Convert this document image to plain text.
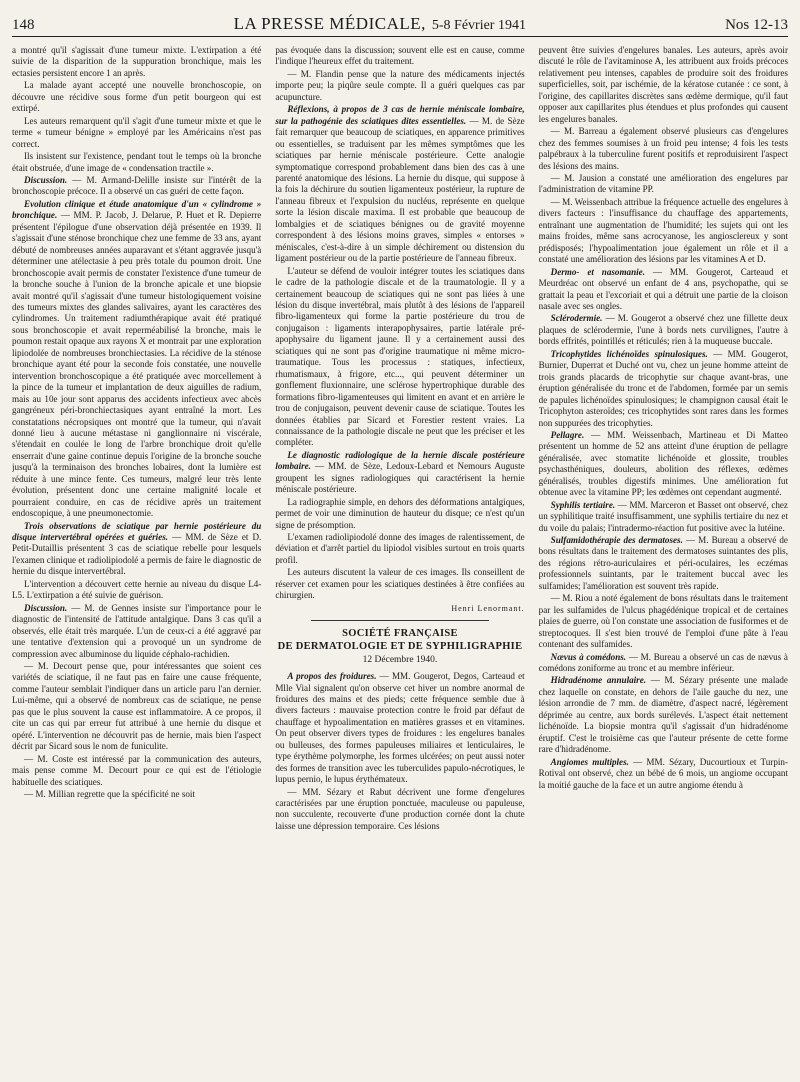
148	LA PRESSE MÉDICALE, 5-8 Février 1941	Nos 12-13

a montré qu'il s'agissait d'une tumeur mixte. L'extirpation a été suivie de la disparition de la suppuration bronchique, mais les ectasies persistent encore 1 an après.

La malade ayant accepté une nouvelle bronchoscopie, on découvre une récidive sous forme d'un petit bourgeon qui est extirpé.

Les auteurs remarquent qu'il s'agit d'une tumeur mixte et que le terme « tumeur bénigne » employé par les Américains n'est pas correct.

Ils insistent sur l'existence, pendant tout le temps où la bronche était obstruée, d'une image de « condensation tractile ».

Discussion. — M. Armand-Delille insiste sur l'intérêt de la bronchoscopie précoce. Il a observé un cas guéri de cette façon.

Evolution clinique et étude anatomique d'un « cylindrome » bronchique. — MM. P. Jacob, J. Delarue, P. Huet et R. Depierre présentent l'épilogue d'une observation déjà présentée en 1939. Il s'agissait d'une sténose bronchique chez une femme de 33 ans, ayant débuté de nombreuses années auparavant et s'étant aggravée jusqu'à déterminer une atélectasie à peu près totale du poumon droit. Une bronchoscopie avait permis de constater l'existence d'une tumeur de la bronche souche à l'union de la bronche apicale et une biopsie avait montré qu'il s'agissait d'une tumeur histologiquement voisine des tumeurs mixtes des glandes salivaires, ayant les caractères des cylindromes. Un traitement radiumthérapique avait été pratiqué sous bronchoscopie et avait reperméabilisé la bronche, mais le poumon restait opaque aux rayons X et montrait par une exploration lipiodolée de nombreuses bronchiectasies. La récidive de la sténose bronchique ayant été pour la seconde fois constatée, une nouvelle intervention bronchoscopique a été pratiquée avec morcellement à la pince de la tumeur et implantation de deux aiguilles de radium, mais au 10e jour sont apparus des accidents infectieux avec abcès gangréneux péri-bronchiectasiques ayant entraîné la mort. Les constatations nécropsiques ont montré que la tumeur, qui n'avait donné lieu à aucune métastase ni ganglionnaire ni viscérale, s'étendait en coulée le long de l'arbre bronchique droit qu'elle enserrait d'une gaine continue depuis l'origine de la bronche souche jusqu'à la terminaison des bronches lobaires, dont la lumière est réduite à une mince fente. Ces tumeurs, malgré leur très lente évolution, présentent donc une certaine malignité locale et pourraient conduire, en cas de récidive après un traitement endoscopique, à une pneumonectomie.

Trois observations de sciatique par hernie postérieure du disque intervertébral opérées et guéries. — MM. de Sèze et D. Petit-Dutaillis présentent 3 cas de sciatique rebelle pour lesquels l'examen clinique et radiolipiodolé a permis de faire le diagnostic de hernie du disque intervertébral.

L'intervention a découvert cette hernie au niveau du disque L4-L5. L'extirpation a été suivie de guérison.

Discussion. — M. de Gennes insiste sur l'importance pour le diagnostic de l'intensité de l'attitude antalgique. Dans 3 cas qu'il a observés, elle était très marquée. L'un de ceux-ci a été aggravé par une tentative d'extension qui a provoqué un un syndrome de compression avec albuminose du liquide céphalo-rachidien.

— M. Decourt pense que, pour intéressantes que soient ces variétés de sciatique, il ne faut pas en faire une cause fréquente, comme l'auteur semblait l'indiquer dans un article paru l'an dernier. Lui-même, qui a observé de nombreux cas de sciatique, ne pense pas que le plus souvent la cause est inflammatoire. A ce propos, il cite un cas qui par erreur fut attribué à une hernie du disque et opéré. L'intervention ne découvrit pas de hernie, mais bien l'aspect décrit par Sicard sous le nom de funiculite.

— M. Coste est intéressé par la communication des auteurs, mais pense comme M. Decourt pour ce qui est de l'étiologie habituelle des sciatiques.

— M. Millian regrette que la spécificité ne soit

pas évoquée dans la discussion; souvent elle est en cause, comme l'indique l'heureux effet du traitement.

— M. Flandin pense que la nature des médicaments injectés importe peu; la piqûre seule compte. Il a guéri quelques cas par acupuncture.

Réflexions, à propos de 3 cas de hernie méniscale lombaire, sur la pathogénie des sciatiques dites essentielles. — M. de Sèze fait remarquer que beaucoup de sciatiques, en apparence primitives ou essentielles, se traduisent par les mêmes symptômes que les sciatiques par hernie méniscale postérieure. Cette analogie symptomatique correspond probablement dans bien des cas à une parenté anatomique des lésions. La hernie du disque, qui suppose à la fois la déchirure du soutien ligamenteux postérieur, la rupture de l'anneau fibreux et l'expulsion du nucléus, représente en quelque sorte la lésion discale maxima. Il est probable que beaucoup de lombalgies et de sciatiques bénignes ou de gravité moyenne correspondent à des lésions moins graves, simples « entorses » méniscales, c'est-à-dire à un simple déchirement ou distension du ligament postérieur ou de la partie postérieure de l'anneau fibreux.

L'auteur se défend de vouloir intégrer toutes les sciatiques dans le cadre de la pathologie discale et de la traumatologie. Il y a certainement beaucoup de sciatiques qui ne sont pas liées à une lésion du disque invertébral, mais plutôt à des lésions de l'appareil fibro-ligamenteux qui forme la partie postérieure du trou de conjugaison : ligaments interapophysaires, partie latérale pré-apophysaire du ligament jaune. Il y a certainement aussi des sciatiques qui ne sont pas d'origine traumatique ni même micro-traumatique. Tous les processus : statiques, infectieux, rhumatismaux, à frigore, etc..., qui peuvent déterminer un gonflement fluxionnaire, une sclérose hypertrophique durable des formations fibro-ligamenteuses qui limitent en avant et en arrière le trou de conjugaison, peuvent devenir cause de sciatique. Toutes les données établies par Sicard et Forestier restent vraies. La connaissance de la pathologie discale ne peut que les préciser et les compléter.

Le diagnostic radiologique de la hernie discale postérieure lombaire. — MM. de Sèze, Ledoux-Lebard et Nemours Auguste groupent les signes radiologiques qui caractérisent la hernie méniscale postérieure.

La radiographie simple, en dehors des déformations antalgiques, permet de voir une diminution de hauteur du disque; ce n'est qu'un signe de présomption.

L'examen radiolipiodolé donne des images de ralentissement, de déviation et d'arrêt partiel du lipiodol visibles surtout en trois quarts profil.

Les auteurs discutent la valeur de ces images. Ils conseillent de réserver cet examen pour les sciatiques destinées à être confiées au chirurgien.

Henri Lenormant.
SOCIÉTÉ FRANÇAISE
DE DERMATOLOGIE ET DE SYPHILIGRAPHIE
12 Décembre 1940.

A propos des froidures. — MM. Gougerot, Degos, Carteaud et Mlle Vial signalent qu'on observe cet hiver un nombre anormal de froidures des mains et des pieds; cette fréquence semble due à divers facteurs : mauvaise protection contre le froid par défaut de chauffage et hypoalimentation en matières grasses et en vitamines. On peut observer divers types de froidures : les engelures banales ou bulleuses, des formes papuleuses miliaires et lenticulaires, le type érythème polymorphe, les formes ulcérées; on peut aussi noter des formes de transition avec les tuberculides papulo-nécrotiques, le lupus pernio, le lupus érythémateux.

— MM. Sézary et Rabut décrivent une forme d'engelures caractérisées par une éruption ponctuée, maculeuse ou papuleuse, non succulente, recouverte d'une production cornée dont la chute laisse une dépression temporaire. Ces lésions

peuvent être suivies d'engelures banales. Les auteurs, après avoir discuté le rôle de l'avitaminose A, les attribuent aux froids précoces relativement peu intenses, capables de produire soit des froidures superficielles, soit, par ischémie, de la kératose cutanée : ce sont, à l'origine, des capillarites discrètes sans œdème dermique, qu'il faut opposer aux capillarites plus étendues et plus profondes qui causent les engelures banales.

— M. Barreau a également observé plusieurs cas d'engelures chez des femmes soumises à un froid peu intense; 4 fois les tests palpébraux à la tuberculine furent positifs et reproduisirent l'aspect des lésions des mains.

— M. Jausion a constaté une amélioration des engelures par l'administration de vitamine PP.

— M. Weissenbach attribue la fréquence actuelle des engelures à divers facteurs : l'insuffisance du chauffage des appartements, entraînant une augmentation de l'humidité; les sujets qui ont les mains froides, même sans acrocyanose, les angiosclereux y sont prédisposés; l'hypoalimentation joue également un rôle et il a constaté une amélioration des lésions par les vitamines A et D.

Dermo- et nasomanie. — MM. Gougerot, Carteaud et Meurdréac ont observé un enfant de 4 ans, psychopathe, qui se grattait la peau et l'excoriait et qui a détruit une partie de la cloison nasale avec ses ongles.

Sclérodermie. — M. Gougerot a observé chez une fillette deux plaques de sclérodermie, l'une à bords nets curvilignes, l'autre à bords effrités, pointillés et réticulés; rien à la muqueuse buccale.

Tricophytides lichénoïdes spinulosiques. — MM. Gougerot, Burnier, Duperrat et Duché ont vu, chez un jeune homme atteint de trois grands placards de tricophytie sur chaque avant-bras, une éruption généralisée du tronc et de l'abdomen, formée par un semis de papules lichénoïdes spinulosiques; le champignon causal était le Tricophyton asteroïdes; ces tricophytides sont rares dans les formes non suppurées des tricophyties.

Pellagre. — MM. Weissenbach, Martineau et Di Matteo présentent un homme de 52 ans atteint d'une éruption de pellagre généralisée, avec stomatite lichénoïde et glossite, troubles psychasthéniques, douleurs, abolition des réflexes, œdèmes généralisés, troubles digestifs minimes. Une amélioration fut obtenue avec la vitamine PP; les œdèmes ont cependant augmenté.

Syphilis tertiaire. — MM. Marceron et Basset ont observé, chez un syphilitique traité insuffisamment, une syphilis tertiaire du nez et du voile du palais; l'intradermo-réaction fut positive avec la lutéine.

Sulfamidothérapie des dermatoses. — M. Bureau a observé de bons résultats dans le traitement des dermatoses suintantes des plis, des régions rétro-auriculaires et péri-oculaires, les eczémas professionnels suintants, par le traitement buccal avec les sulfamides; l'amélioration est souvent très rapide.

— M. Riou a noté également de bons résultats dans le traitement par les sulfamides de l'ulcus phagédénique tropical et de certaines plaies de guerre, où l'on constate une association de fusiformes et de streptocoques. Il s'est bien trouvé de l'emploi d'une pâte à l'eau contenant des sulfamides.

Nævus à comédons. — M. Bureau a observé un cas de nævus à comédons zoniforme au tronc et au membre inférieur.

Hidradénome annulaire. — M. Sézary présente une malade chez laquelle on constate, en dehors de l'aile gauche du nez, une lésion arrondie de 7 mm. de diamètre, d'aspect nacré, légèrement déprimée au centre, aux bords surélevés. L'aspect était nettement lichénoïde. La biopsie montra qu'il s'agissait d'un hidradénome éruptif. C'est le troisième cas que l'auteur présente de cette forme rare d'hidradénome.

Angiomes multiples. — MM. Sézary, Ducourtioux et Turpin-Rotival ont observé, chez un bébé de 6 mois, un angiome occupant la moitié gauche de la face et un autre angiome étendu à
